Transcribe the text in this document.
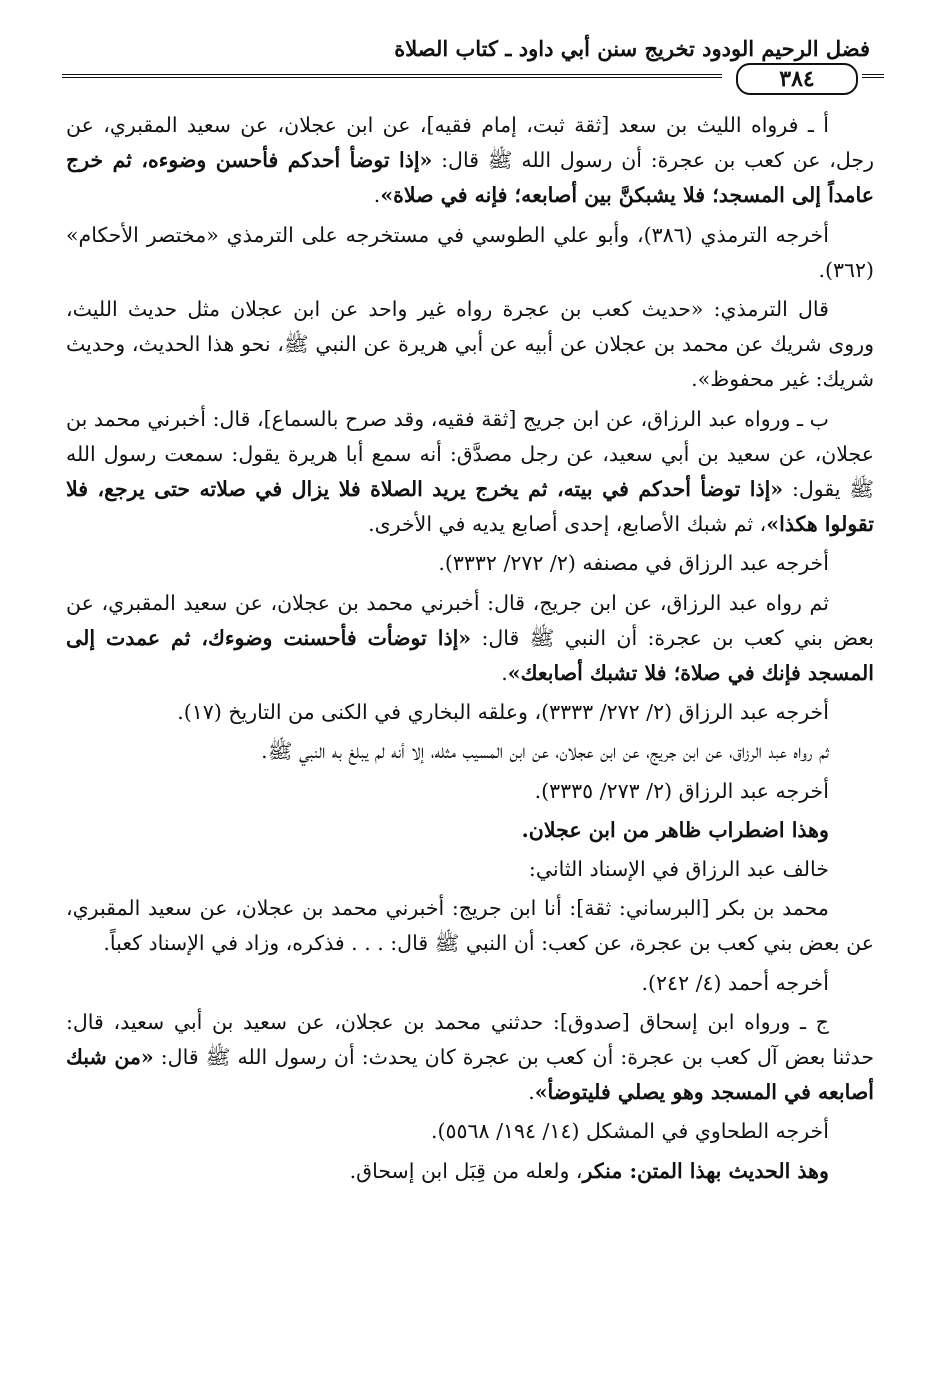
فضل الرحيم الودود تخريج سنن أبي داود ـ كتاب الصلاة
٣٨٤

أ ـ فرواه الليث بن سعد [ثقة ثبت، إمام فقيه]، عن ابن عجلان، عن سعيد المقبري، عن رجل، عن كعب بن عجرة: أن رسول الله ﷺ قال: «إذا توضأ أحدكم فأحسن وضوءه، ثم خرج عامداً إلى المسجد؛ فلا يشبكنَّ بين أصابعه؛ فإنه في صلاة».

أخرجه الترمذي (٣٨٦)، وأبو علي الطوسي في مستخرجه على الترمذي «مختصر الأحكام» (٣٦٢).

قال الترمذي: «حديث كعب بن عجرة رواه غير واحد عن ابن عجلان مثل حديث الليث، وروى شريك عن محمد بن عجلان عن أبيه عن أبي هريرة عن النبي ﷺ، نحو هذا الحديث، وحديث شريك: غير محفوظ».

ب ـ ورواه عبد الرزاق، عن ابن جريج [ثقة فقيه، وقد صرح بالسماع]، قال: أخبرني محمد بن عجلان، عن سعيد بن أبي سعيد، عن رجل مصدَّق: أنه سمع أبا هريرة يقول: سمعت رسول الله ﷺ يقول: «إذا توضأ أحدكم في بيته، ثم يخرج يريد الصلاة فلا يزال في صلاته حتى يرجع، فلا تقولوا هكذا»، ثم شبك الأصابع، إحدى أصابع يديه في الأخرى.

أخرجه عبد الرزاق في مصنفه (٢/ ٢٧٢/ ٣٣٣٢).

ثم رواه عبد الرزاق، عن ابن جريج، قال: أخبرني محمد بن عجلان، عن سعيد المقبري، عن بعض بني كعب بن عجرة: أن النبي ﷺ قال: «إذا توضأت فأحسنت وضوءك، ثم عمدت إلى المسجد فإنك في صلاة؛ فلا تشبك أصابعك».

أخرجه عبد الرزاق (٢/ ٢٧٢/ ٣٣٣٣)، وعلقه البخاري في الكنى من التاريخ (١٧).

ثم رواه عبد الرزاق، عن ابن جريج، عن ابن عجلان، عن ابن المسيب مثله، إلا أنه لم يبلغ به النبي ﷺ.

أخرجه عبد الرزاق (٢/ ٢٧٣/ ٣٣٣٥).

وهذا اضطراب ظاهر من ابن عجلان.

خالف عبد الرزاق في الإسناد الثاني:

محمد بن بكر [البرساني: ثقة]: أنا ابن جريج: أخبرني محمد بن عجلان، عن سعيد المقبري، عن بعض بني كعب بن عجرة، عن كعب: أن النبي ﷺ قال: . . . فذكره، وزاد في الإسناد كعباً.

أخرجه أحمد (٤/ ٢٤٢).

ج ـ ورواه ابن إسحاق [صدوق]: حدثني محمد بن عجلان، عن سعيد بن أبي سعيد، قال: حدثنا بعض آل كعب بن عجرة: أن كعب بن عجرة كان يحدث: أن رسول الله ﷺ قال: «من شبك أصابعه في المسجد وهو يصلي فليتوضأ».

أخرجه الطحاوي في المشكل (١٤/ ١٩٤/ ٥٥٦٨).

وهذ الحديث بهذا المتن: منكر، ولعله من قِبَل ابن إسحاق.
